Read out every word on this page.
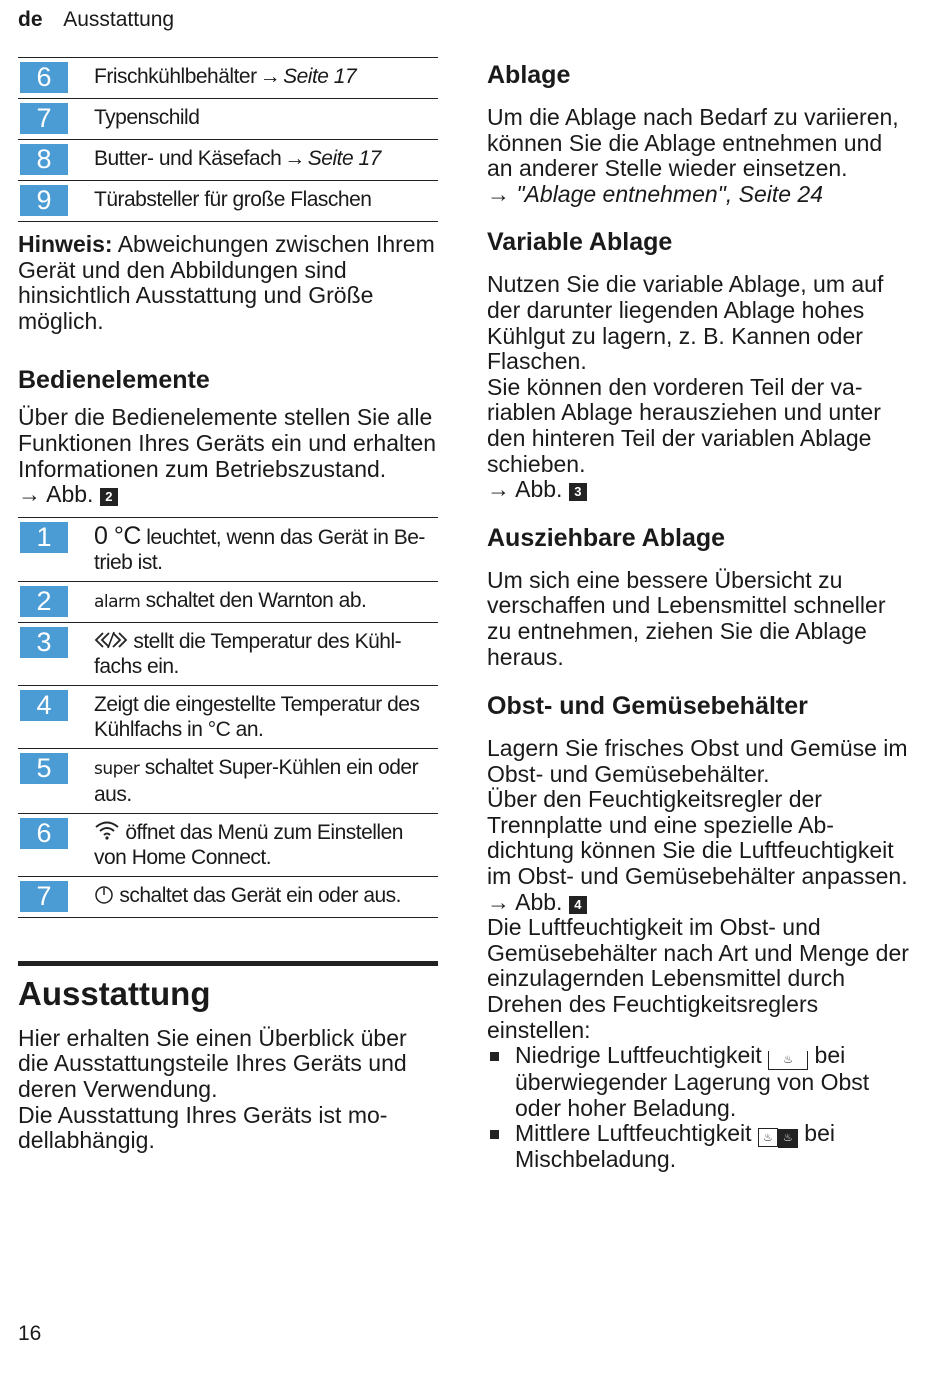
de Ausstattung
6	Frischkühlbehälter → Seite 17

7	Typenschild

8	Butter- und Käsefach → Seite 17

9	Türabsteller für große Flaschen

Hinweis: Abweichungen zwischen Ihrem Gerät und den Abbildungen sind hinsichtlich Ausstattung und Größe möglich.

Bedienelemente

Über die Bedienelemente stellen Sie alle Funktionen Ihres Geräts ein und erhalten Informationen zum Betriebszustand.

→ Abb. 2

1	0 °C leuchtet, wenn das Gerät in Betrieb ist.

2	alarm schaltet den Warnton ab.

3	stellt die Temperatur des Kühlfachs ein.

4	Zeigt die eingestellte Temperatur des Kühlfachs in °C an.

5	super schaltet Super-Kühlen ein oder aus.

6	öffnet das Menü zum Einstellen von Home Connect.

7	schaltet das Gerät ein oder aus.
Ausstattung

Hier erhalten Sie einen Überblick über die Ausstattungsteile Ihres Geräts und deren Verwendung.

Die Ausstattung Ihres Geräts ist modellabhängig.

Ablage

Um die Ablage nach Bedarf zu variieren, können Sie die Ablage entnehmen und an anderer Stelle wieder einsetzen.

→ "Ablage entnehmen", Seite 24

Variable Ablage

Nutzen Sie die variable Ablage, um auf der darunter liegenden Ablage hohes Kühlgut zu lagern, z. B. Kannen oder Flaschen.

Sie können den vorderen Teil der variablen Ablage herausziehen und unter den hinteren Teil der variablen Ablage schieben.

→ Abb. 3

Ausziehbare Ablage

Um sich eine bessere Übersicht zu verschaffen und Lebensmittel schneller zu entnehmen, ziehen Sie die Ablage heraus.

Obst- und Gemüsebehälter

Lagern Sie frisches Obst und Gemüse im Obst- und Gemüsebehälter.

Über den Feuchtigkeitsregler der Trennplatte und eine spezielle Abdichtung können Sie die Luftfeuchtigkeit im Obst- und Gemüsebehälter anpassen.

→ Abb. 4

Die Luftfeuchtigkeit im Obst- und Gemüsebehälter nach Art und Menge der einzulagernden Lebensmittel durch Drehen des Feuchtigkeitsreglers einstellen:

Niedrige Luftfeuchtigkeit ♨ bei überwiegender Lagerung von Obst oder hoher Beladung.
Mittlere Luftfeuchtigkeit ♨ ♨ bei Mischbeladung.
16
